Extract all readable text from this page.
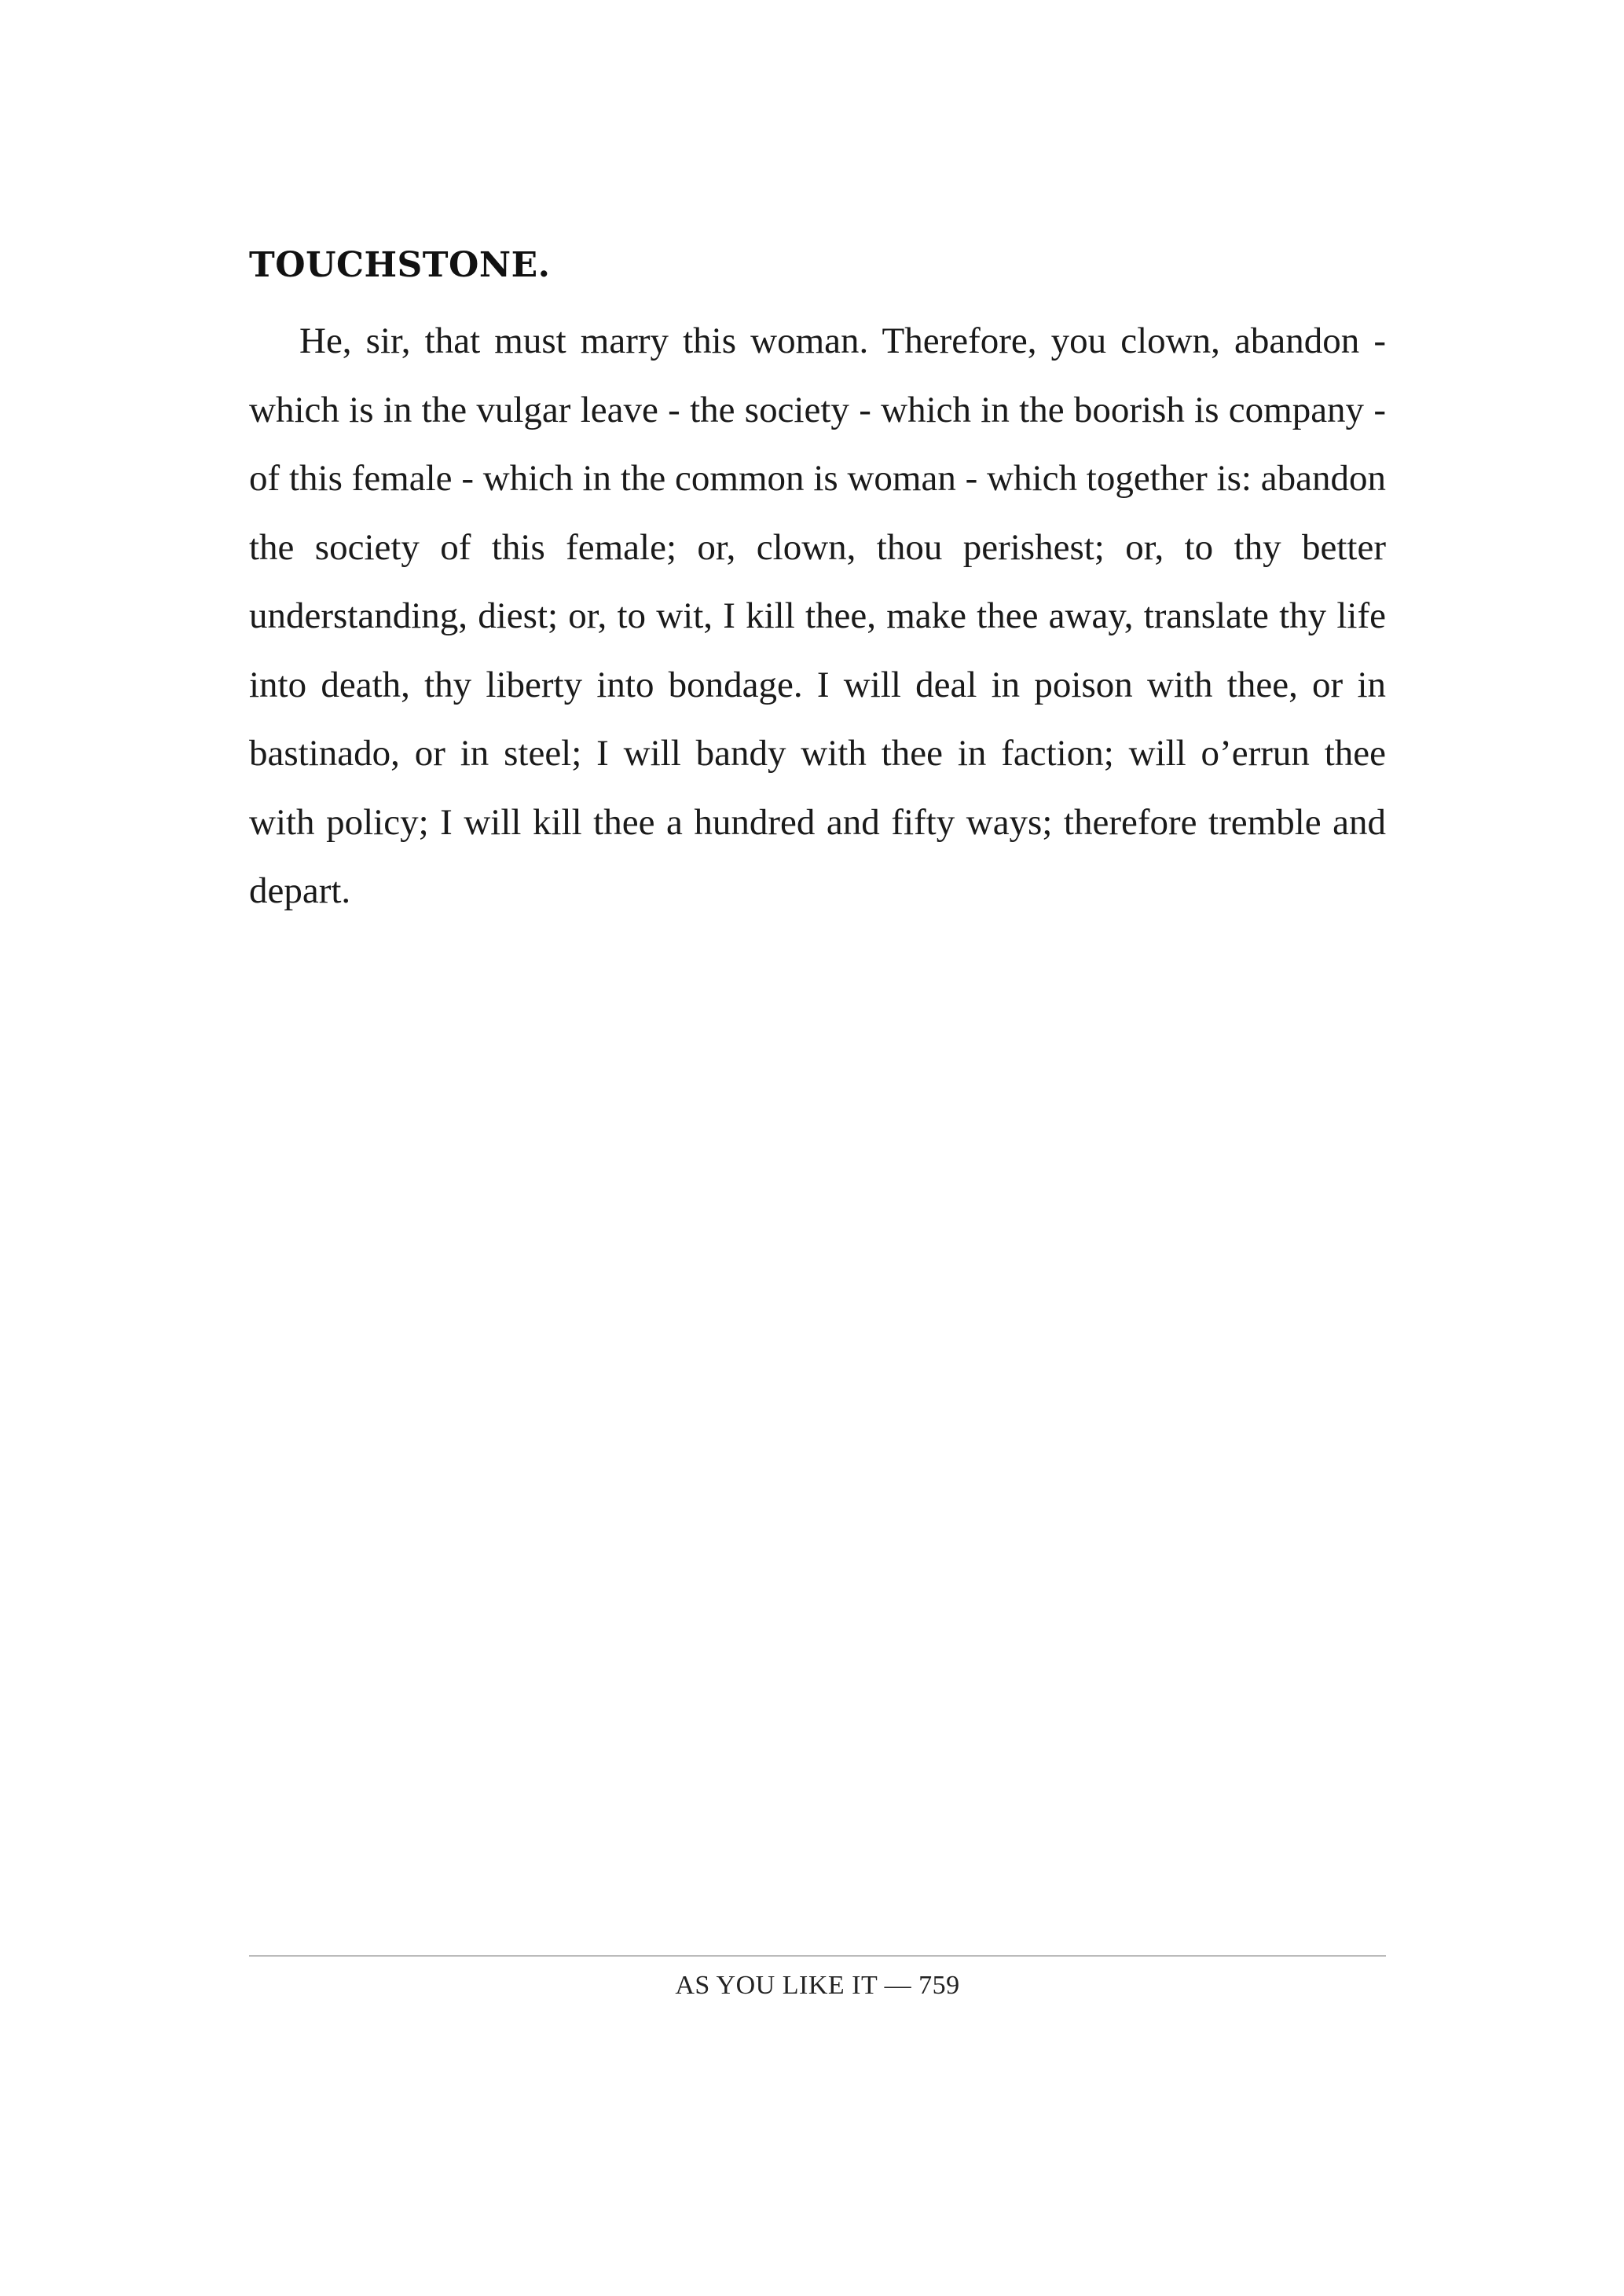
TOUCHSTONE.

He, sir, that must marry this woman. Therefore, you clown, abandon - which is in the vulgar leave - the society - which in the boorish is company - of this female - which in the common is woman - which together is: abandon the society of this female; or, clown, thou perishest; or, to thy better understanding, diest; or, to wit, I kill thee, make thee away, translate thy life into death, thy liberty into bondage. I will deal in poison with thee, or in bastinado, or in steel; I will bandy with thee in faction; will o’errun thee with policy; I will kill thee a hundred and fifty ways; therefore tremble and depart.

AS YOU LIKE IT — 759
